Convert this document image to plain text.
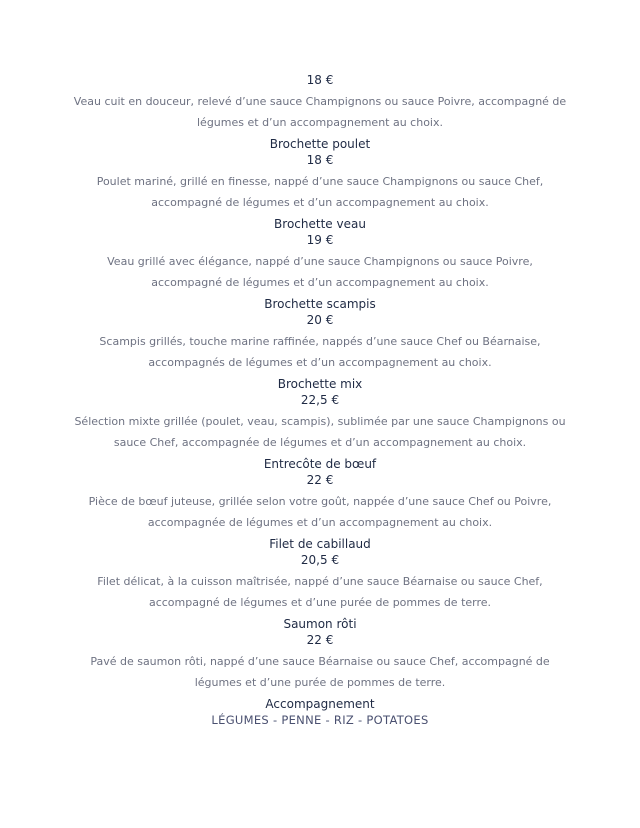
18 €
Veau cuit en douceur, relevé d’une sauce Champignons ou sauce Poivre, accompagné de légumes et d’un accompagnement au choix.
Brochette poulet
18 €
Poulet mariné, grillé en finesse, nappé d’une sauce Champignons ou sauce Chef, accompagné de légumes et d’un accompagnement au choix.
Brochette veau
19 €
Veau grillé avec élégance, nappé d’une sauce Champignons ou sauce Poivre, accompagné de légumes et d’un accompagnement au choix.
Brochette scampis
20 €
Scampis grillés, touche marine raffinée, nappés d’une sauce Chef ou Béarnaise, accompagnés de légumes et d’un accompagnement au choix.
Brochette mix
22,5 €
Sélection mixte grillée (poulet, veau, scampis), sublimée par une sauce Champignons ou sauce Chef, accompagnée de légumes et d’un accompagnement au choix.
Entrecôte de bœuf
22 €
Pièce de bœuf juteuse, grillée selon votre goût, nappée d’une sauce Chef ou Poivre, accompagnée de légumes et d’un accompagnement au choix.
Filet de cabillaud
20,5 €
Filet délicat, à la cuisson maîtrisée, nappé d’une sauce Béarnaise ou sauce Chef, accompagné de légumes et d’une purée de pommes de terre.
Saumon rôti
22 €
Pavé de saumon rôti, nappé d’une sauce Béarnaise ou sauce Chef, accompagné de légumes et d’une purée de pommes de terre.
Accompagnement
LÉGUMES - PENNE - RIZ - POTATOES
